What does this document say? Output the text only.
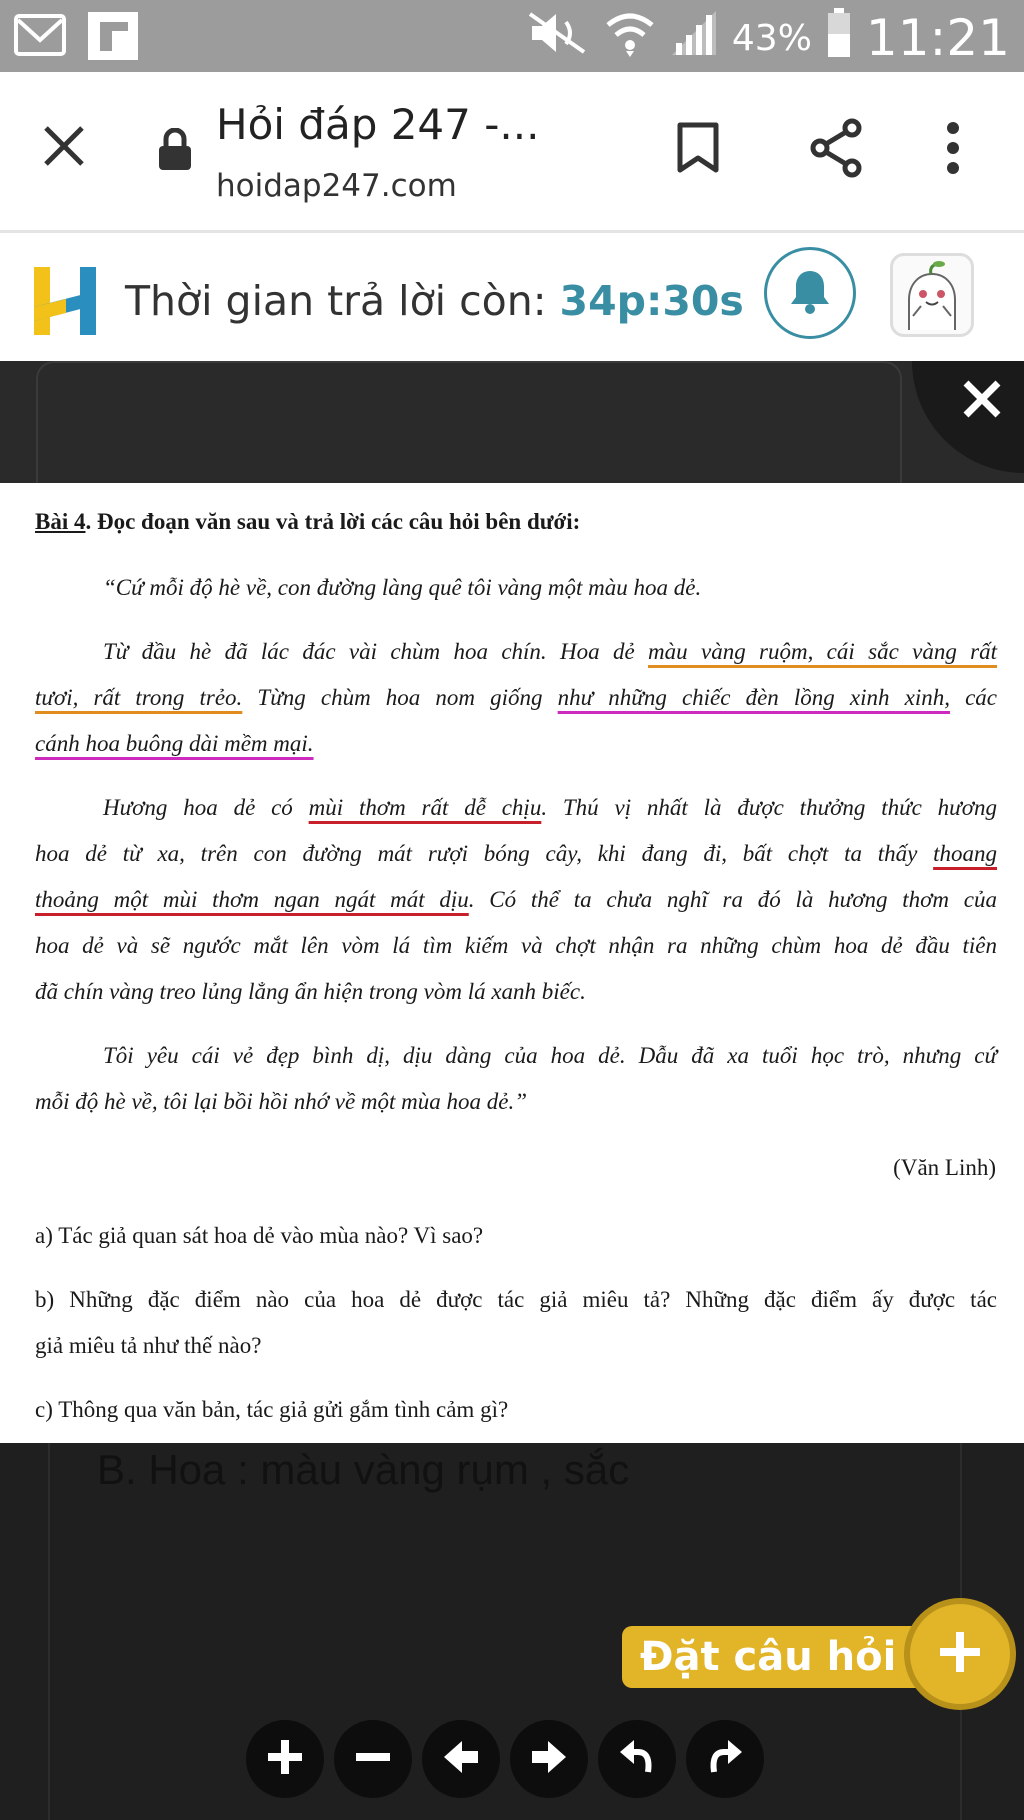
43% 11:21
Hỏi đáp 247 -...
hoidap247.com
Thời gian trả lời còn: 34p:30s
Bài 4. Đọc đoạn văn sau và trả lời các câu hỏi bên dưới:
“Cứ mỗi độ hè về, con đường làng quê tôi vàng một màu hoa dẻ.
Từ đầu hè đã lác đác vài chùm hoa chín. Hoa dẻ màu vàng ruộm, cái sắc vàng rất
tươi, rất trong trẻo. Từng chùm hoa nom giống như những chiếc đèn lồng xinh xinh, các
cánh hoa buông dài mềm mại.
Hương hoa dẻ có mùi thơm rất dễ chịu. Thú vị nhất là được thưởng thức hương
hoa dẻ từ xa, trên con đường mát rượi bóng cây, khi đang đi, bất chợt ta thấy thoang
thoảng một mùi thơm ngan ngát mát dịu. Có thể ta chưa nghĩ ra đó là hương thơm của
hoa dẻ và sẽ ngước mắt lên vòm lá tìm kiếm và chợt nhận ra những chùm hoa dẻ đầu tiên
đã chín vàng treo lủng lẳng ẩn hiện trong vòm lá xanh biếc.
Tôi yêu cái vẻ đẹp bình dị, dịu dàng của hoa dẻ. Dẫu đã xa tuổi học trò, nhưng cứ
mỗi độ hè về, tôi lại bồi hồi nhớ về một mùa hoa dẻ.”
(Văn Linh)
a) Tác giả quan sát hoa dẻ vào mùa nào? Vì sao?
b) Những đặc điểm nào của hoa dẻ được tác giả miêu tả? Những đặc điểm ấy được tác
giả miêu tả như thế nào?
c) Thông qua văn bản, tác giả gửi gắm tình cảm gì?
B. Hoa : màu vàng rụm , sắc
Đặt câu hỏi
